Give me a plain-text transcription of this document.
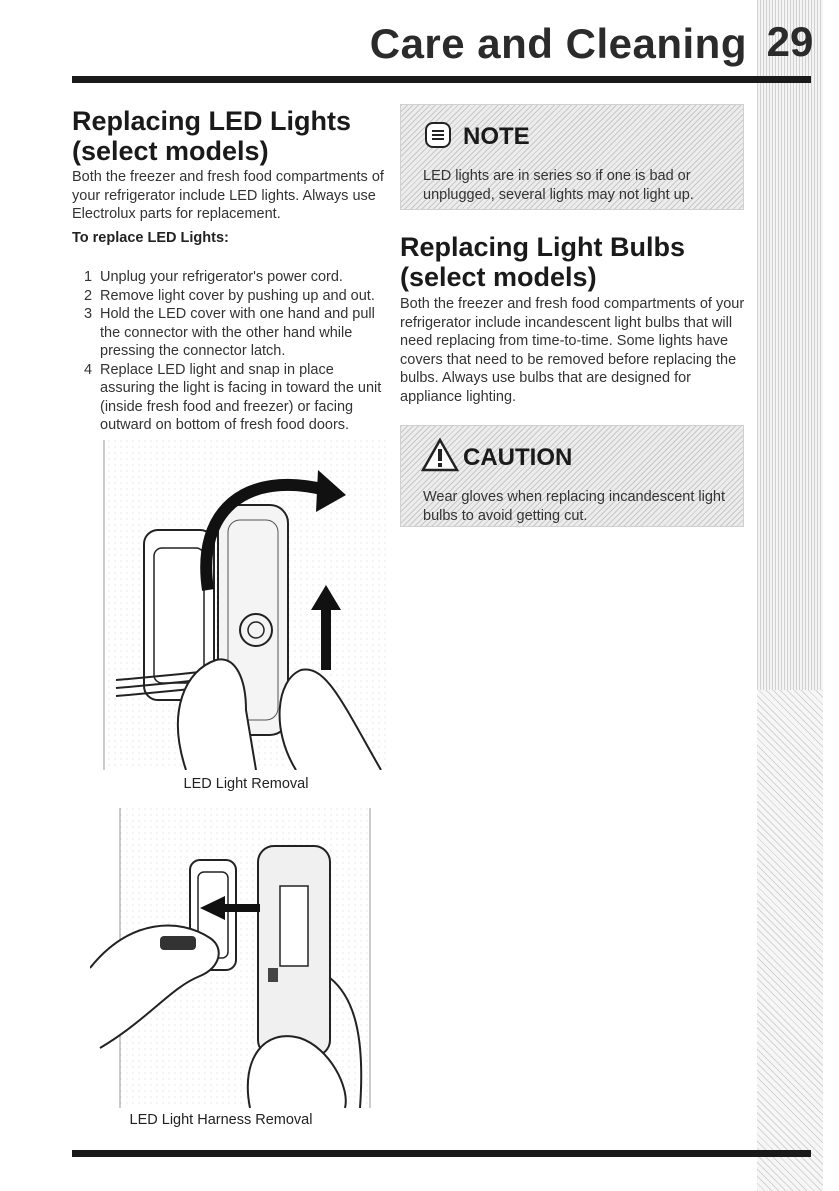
Care and Cleaning 29
Replacing LED Lights
(select models)

Both the freezer and fresh food compartments of your refrigerator include LED lights. Always use Electrolux parts for replacement.

To replace LED Lights:

1 Unplug your refrigerator's power cord.
2 Remove light cover by pushing up and out.
3 Hold the LED cover with one hand and pull the connector with the other hand while pressing the connector latch.
4 Replace LED light and snap in place assuring the light is facing in toward the unit (inside fresh food and freezer) or facing outward on bottom of fresh food doors.

LED Light Removal

LED Light Harness Removal

NOTE
LED lights are in series so if one is bad or unplugged, several lights may not light up.
Replacing Light Bulbs
(select models)

Both the freezer and fresh food compartments of your refrigerator include incandescent light bulbs that will need replacing from time-to-time. Some lights have covers that need to be removed before replacing the bulbs. Always use bulbs that are designed for appliance lighting.

CAUTION
Wear gloves when replacing incandescent light bulbs to avoid getting cut.
